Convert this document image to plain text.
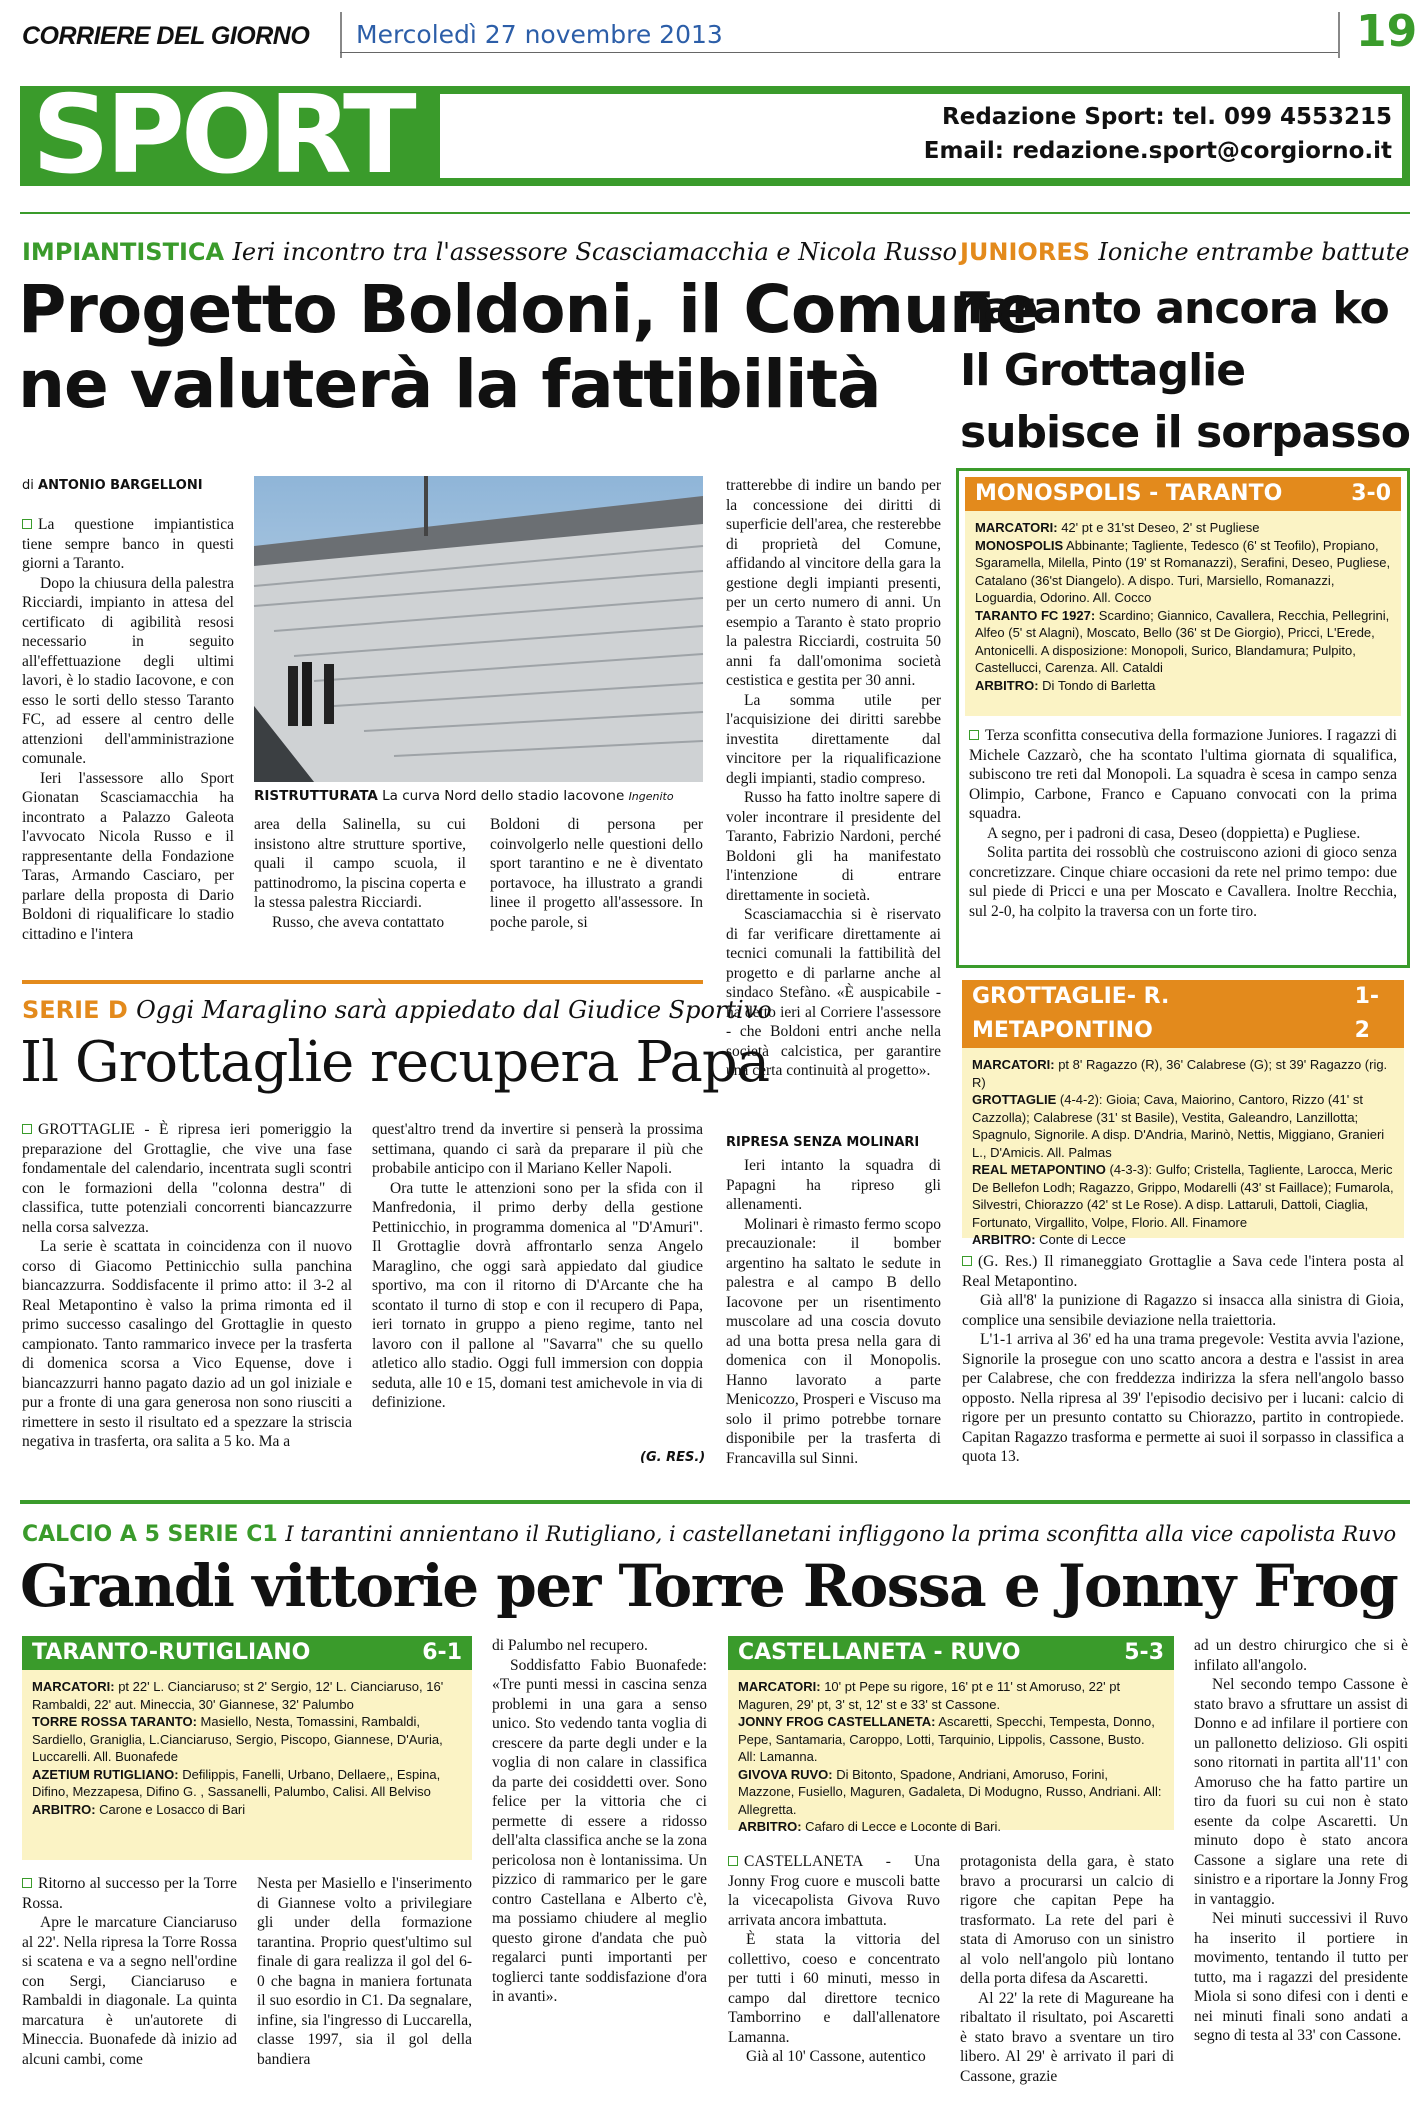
CORRIERE DEL GIORNO Mercoledì 27 novembre 2013	19
SPORT	Redazione Sport: tel. 099 4553215
Email: redazione.sport@corgiorno.it
IMPIANTISTICA Ieri incontro tra l'assessore Scasciamacchia e Nicola Russo
Progetto Boldoni, il Comune
ne valuterà la fattibilità
di ANTONIO BARGELLONI

La questione impiantistica tiene sempre banco in questi giorni a Taranto.

Dopo la chiusura della palestra Ricciardi, impianto in attesa del certificato di agibilità resosi necessario in seguito all'effettuazione degli ultimi lavori, è lo stadio Iacovone, e con esso le sorti dello stesso Taranto FC, ad essere al centro delle attenzioni dell'amministrazione comunale.

Ieri l'assessore allo Sport Gionatan Scasciamacchia ha incontrato a Palazzo Galeota l'avvocato Nicola Russo e il rappresentante della Fondazione Taras, Armando Casciaro, per parlare della proposta di Dario Boldoni di riqualificare lo stadio cittadino e l'intera

RISTRUTTURATA La curva Nord dello stadio Iacovone Ingenito

area della Salinella, su cui insistono altre strutture sportive, quali il campo scuola, il pattinodromo, la piscina coperta e la stessa palestra Ricciardi.

Russo, che aveva contattato

Boldoni di persona per coinvolgerlo nelle questioni dello sport tarantino e ne è diventato portavoce, ha illustrato a grandi linee il progetto all'assessore. In poche parole, si

tratterebbe di indire un bando per la concessione dei diritti di superficie dell'area, che resterebbe di proprietà del Comune, affidando al vincitore della gara la gestione degli impianti presenti, per un certo numero di anni. Un esempio a Taranto è stato proprio la palestra Ricciardi, costruita 50 anni fa dall'omonima società cestistica e gestita per 30 anni.

La somma utile per l'acquisizione dei diritti sarebbe investita direttamente dal vincitore per la riqualificazione degli impianti, stadio compreso.

Russo ha fatto inoltre sapere di voler incontrare il presidente del Taranto, Fabrizio Nardoni, perché Boldoni gli ha manifestato l'intenzione di entrare direttamente in società.

Scasciamacchia si è riservato di far verificare direttamente ai tecnici comunali la fattibilità del progetto e di parlarne anche al sindaco Stefàno. «È auspicabile - ha detto ieri al Corriere l'assessore - che Boldoni entri anche nella società calcistica, per garantire una certa continuità al progetto».

RIPRESA SENZA MOLINARI

Ieri intanto la squadra di Papagni ha ripreso gli allenamenti.

Molinari è rimasto fermo scopo precauzionale: il bomber argentino ha saltato le sedute in palestra e al campo B dello Iacovone per un risentimento muscolare ad una coscia dovuto ad una botta presa nella gara di domenica con il Monopolis. Hanno lavorato a parte Menicozzo, Prosperi e Viscuso ma solo il primo potrebbe tornare disponibile per la trasferta di Francavilla sul Sinni.

SERIE D Oggi Maraglino sarà appiedato dal Giudice Sportivo
Il Grottaglie recupera Papa

GROTTAGLIE - È ripresa ieri pomeriggio la preparazione del Grottaglie, che vive una fase fondamentale del calendario, incentrata sugli scontri con le formazioni della "colonna destra" di classifica, tutte potenziali concorrenti biancazzurre nella corsa salvezza.

La serie è scattata in coincidenza con il nuovo corso di Giacomo Pettinicchio sulla panchina biancazzurra. Soddisfacente il primo atto: il 3-2 al Real Metapontino è valso la prima rimonta ed il primo successo casalingo del Grottaglie in questo campionato. Tanto rammarico invece per la trasferta di domenica scorsa a Vico Equense, dove i biancazzurri hanno pagato dazio ad un gol iniziale e pur a fronte di una gara generosa non sono riusciti a rimettere in sesto il risultato ed a spezzare la striscia negativa in trasferta, ora salita a 5 ko. Ma a

quest'altro trend da invertire si penserà la prossima settimana, quando ci sarà da preparare il più che probabile anticipo con il Mariano Keller Napoli.

Ora tutte le attenzioni sono per la sfida con il Manfredonia, il primo derby della gestione Pettinicchio, in programma domenica al "D'Amuri". Il Grottaglie dovrà affrontarlo senza Angelo Maraglino, che oggi sarà appiedato dal giudice sportivo, ma con il ritorno di D'Arcante che ha scontato il turno di stop e con il recupero di Papa, ieri tornato in gruppo a pieno regime, tanto nel lavoro con il pallone al "Savarra" che su quello atletico allo stadio. Oggi full immersion con doppia seduta, alle 10 e 15, domani test amichevole in via di definizione.

(G. RES.)
JUNIORES Ioniche entrambe battute
Taranto ancora ko
Il Grottaglie
subisce il sorpasso
MONOSPOLIS - TARANTO	3-0
MARCATORI: 42' pt e 31'st Deseo, 2' st Pugliese
MONOSPOLIS Abbinante; Tagliente, Tedesco (6' st Teofilo), Propiano, Sgaramella, Milella, Pinto (19' st Romanazzi), Serafini, Deseo, Pugliese, Catalano (36'st Diangelo). A dispo. Turi, Marsiello, Romanazzi, Loguardia, Odorino. All. Cocco
TARANTO FC 1927: Scardino; Giannico, Cavallera, Recchia, Pellegrini, Alfeo (5' st Alagni), Moscato, Bello (36' st De Giorgio), Pricci, L'Erede, Antonicelli. A disposizione: Monopoli, Surico, Blandamura; Pulpito, Castellucci, Carenza. All. Cataldi
ARBITRO: Di Tondo di Barletta

Terza sconfitta consecutiva della formazione Juniores. I ragazzi di Michele Cazzarò, che ha scontato l'ultima giornata di squalifica, subiscono tre reti dal Monopoli. La squadra è scesa in campo senza Olimpio, Carbone, Franco e Capuano convocati con la prima squadra.

A segno, per i padroni di casa, Deseo (doppietta) e Pugliese.

Solita partita dei rossoblù che costruiscono azioni di gioco senza concretizzare. Cinque chiare occasioni da rete nel primo tempo: due sul piede di Pricci e una per Moscato e Cavallera. Inoltre Recchia, sul 2-0, ha colpito la traversa con un forte tiro.

GROTTAGLIE- R. METAPONTINO
1-2
MARCATORI: pt 8' Ragazzo (R), 36' Calabrese (G); st 39' Ragazzo (rig. R)
GROTTAGLIE (4-4-2): Gioia; Cava, Maiorino, Cantoro, Rizzo (41' st Cazzolla); Calabrese (31' st Basile), Vestita, Galeandro, Lanzillotta; Spagnulo, Signorile. A disp. D'Andria, Marinò, Nettis, Miggiano, Granieri L., D'Amicis. All. Palmas
REAL METAPONTINO (4-3-3): Gulfo; Cristella, Tagliente, Larocca, Meric De Bellefon Lodh; Ragazzo, Grippo, Modarelli (43' st Faillace); Fumarola, Silvestri, Chiorazzo (42' st Le Rose). A disp. Lattaruli, Dattoli, Ciaglia, Fortunato, Virgallito, Volpe, Florio. All. Finamore
ARBITRO: Conte di Lecce

(G. Res.) Il rimaneggiato Grottaglie a Sava cede l'intera posta al Real Metapontino.

Già all'8' la punizione di Ragazzo si insacca alla sinistra di Gioia, complice una sensibile deviazione nella traiettoria.

L'1-1 arriva al 36' ed ha una trama pregevole: Vestita avvia l'azione, Signorile la prosegue con uno scatto ancora a destra e l'assist in area per Calabrese, che con freddezza indirizza la sfera nell'angolo basso opposto. Nella ripresa al 39' l'episodio decisivo per i lucani: calcio di rigore per un presunto contatto su Chiorazzo, partito in contropiede. Capitan Ragazzo trasforma e permette ai suoi il sorpasso in classifica a quota 13.

CALCIO A 5 SERIE C1 I tarantini annientano il Rutigliano, i castellanetani infliggono la prima sconfitta alla vice capolista Ruvo
Grandi vittorie per Torre Rossa e Jonny Frog
TARANTO-RUTIGLIANO	6-1
MARCATORI: pt 22' L. Cianciaruso; st 2' Sergio, 12' L. Cianciaruso, 16' Rambaldi, 22' aut. Mineccia, 30' Giannese, 32' Palumbo
TORRE ROSSA TARANTO: Masiello, Nesta, Tomassini, Rambaldi, Sardiello, Graniglia, L.Cianciaruso, Sergio, Piscopo, Giannese, D'Auria, Luccarelli. All. Buonafede
AZETIUM RUTIGLIANO: Defilippis, Fanelli, Urbano, Dellaere,, Espina, Difino, Mezzapesa, Difino G. , Sassanelli, Palumbo, Calisi. All Belviso
ARBITRO: Carone e Losacco di Bari

Ritorno al successo per la Torre Rossa.

Apre le marcature Cianciaruso al 22'. Nella ripresa la Torre Rossa si scatena e va a segno nell'ordine con Sergi, Cianciaruso e Rambaldi in diagonale. La quinta marcatura è un'autorete di Mineccia. Buonafede dà inizio ad alcuni cambi, come

Nesta per Masiello e l'inserimento di Giannese volto a privilegiare gli under della formazione tarantina. Proprio quest'ultimo sul finale di gara realizza il gol del 6-0 che bagna in maniera fortunata il suo esordio in C1. Da segnalare, infine, sia l'ingresso di Luccarella, classe 1997, sia il gol della bandiera

di Palumbo nel recupero.

Soddisfatto Fabio Buonafede: «Tre punti messi in cascina senza problemi in una gara a senso unico. Sto vedendo tanta voglia di crescere da parte degli under e la voglia di non calare in classifica da parte dei cosiddetti over. Sono felice per la vittoria che ci permette di essere a ridosso dell'alta classifica anche se la zona pericolosa non è lontanissima. Un pizzico di rammarico per le gare contro Castellana e Alberto c'è, ma possiamo chiudere al meglio questo girone d'andata che può regalarci punti importanti per toglierci tante soddisfazione d'ora in avanti».

CASTELLANETA - RUVO	5-3
MARCATORI: 10' pt Pepe su rigore, 16' pt e 11' st Amoruso, 22' pt Maguren, 29' pt, 3' st, 12' st e 33' st Cassone.
JONNY FROG CASTELLANETA: Ascaretti, Specchi, Tempesta, Donno, Pepe, Santamaria, Caroppo, Lotti, Tarquinio, Lippolis, Cassone, Busto. All: Lamanna.
GIVOVA RUVO: Di Bitonto, Spadone, Andriani, Amoruso, Forini, Mazzone, Fusiello, Maguren, Gadaleta, Di Modugno, Russo, Andriani. All: Allegretta.
ARBITRO: Cafaro di Lecce e Loconte di Bari.

CASTELLANETA - Una Jonny Frog cuore e muscoli batte la vicecapolista Givova Ruvo arrivata ancora imbattuta.

È stata la vittoria del collettivo, coeso e concentrato per tutti i 60 minuti, messo in campo dal direttore tecnico Tamborrino e dall'allenatore Lamanna.

Già al 10' Cassone, autentico

protagonista della gara, è stato bravo a procurarsi un calcio di rigore che capitan Pepe ha trasformato. La rete del pari è stata di Amoruso con un sinistro al volo nell'angolo più lontano della porta difesa da Ascaretti.

Al 22' la rete di Magureane ha ribaltato il risultato, poi Ascaretti è stato bravo a sventare un tiro libero. Al 29' è arrivato il pari di Cassone, grazie

ad un destro chirurgico che si è infilato all'angolo.

Nel secondo tempo Cassone è stato bravo a sfruttare un assist di Donno e ad infilare il portiere con un pallonetto delizioso. Gli ospiti sono ritornati in partita all'11' con Amoruso che ha fatto partire un tiro da fuori su cui non è stato esente da colpe Ascaretti. Un minuto dopo è stato ancora Cassone a siglare una rete di sinistro e a riportare la Jonny Frog in vantaggio.

Nei minuti successivi il Ruvo ha inserito il portiere in movimento, tentando il tutto per tutto, ma i ragazzi del presidente Miola si sono difesi con i denti e nei minuti finali sono andati a segno di testa al 33' con Cassone.
